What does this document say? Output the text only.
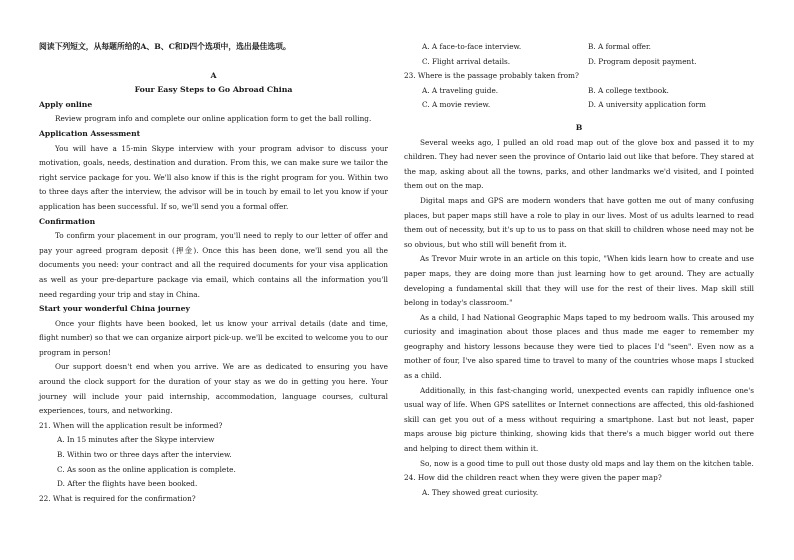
阅读下列短文，从每题所给的A、B、C和D四个选项中，选出最佳选项。

A

Four Easy Steps to Go Abroad China

Apply online

Review program info and complete our online application form to get the ball rolling.

Application Assessment

You will have a 15-min Skype interview with your program advisor to discuss your motivation, goals, needs, destination and duration. From this, we can make sure we tailor the right service package for you. We'll also know if this is the right program for you. Within two to three days after the interview, the advisor will be in touch by email to let you know if your application has been successful. If so, we'll send you a formal offer.

Confirmation

To confirm your placement in our program, you'll need to reply to our letter of offer and pay your agreed program deposit (押金). Once this has been done, we'll send you all the documents you need: your contract and all the required documents for your visa application as well as your pre-departure package via email, which contains all the information you'll need regarding your trip and stay in China.

Start your wonderful China journey

Once your flights have been booked, let us know your arrival details (date and time, flight number) so that we can organize airport pick-up. we'll be excited to welcome you to our program in person!

Our support doesn't end when you arrive. We are as dedicated to ensuring you have around the clock support for the duration of your stay as we do in getting you here. Your journey will include your paid internship, accommodation, language courses, cultural experiences, tours, and networking.

21. When will the application result be informed?

A. In 15 minutes after the Skype interview

B. Within two or three days after the interview.

C. As soon as the online application is complete.

D. After the flights have been booked.

22. What is required for the confirmation?

A. A face-to-face interview.	B. A formal offer.
C. Flight arrival details.	D. Program deposit payment.

23. Where is the passage probably taken from?

A. A traveling guide.	B. A college textbook.
C. A movie review.	D. A university application form

B

Several weeks ago, I pulled an old road map out of the glove box and passed it to my children. They had never seen the province of Ontario laid out like that before. They stared at the map, asking about all the towns, parks, and other landmarks we'd visited, and I pointed them out on the map.

Digital maps and GPS are modern wonders that have gotten me out of many confusing places, but paper maps still have a role to play in our lives. Most of us adults learned to read them out of necessity, but it's up to us to pass on that skill to children whose need may not be so obvious, but who still will benefit from it.

As Trevor Muir wrote in an article on this topic, "When kids learn how to create and use paper maps, they are doing more than just learning how to get around. They are actually developing a fundamental skill that they will use for the rest of their lives. Map skill still belong in today's classroom."

As a child, I had National Geographic Maps taped to my bedroom walls. This aroused my curiosity and imagination about those places and thus made me eager to remember my geography and history lessons because they were tied to places I'd "seen". Even now as a mother of four, I've also spared time to travel to many of the countries whose maps I stucked as a child.

Additionally, in this fast-changing world, unexpected events can rapidly influence one's usual way of life. When GPS satellites or Internet connections are affected, this old-fashioned skill can get you out of a mess without requiring a smartphone. Last but not least, paper maps arouse big picture thinking, showing kids that there's a much bigger world out there and helping to direct them within it.

So, now is a good time to pull out those dusty old maps and lay them on the kitchen table.

24. How did the children react when they were given the paper map?

A. They showed great curiosity.
